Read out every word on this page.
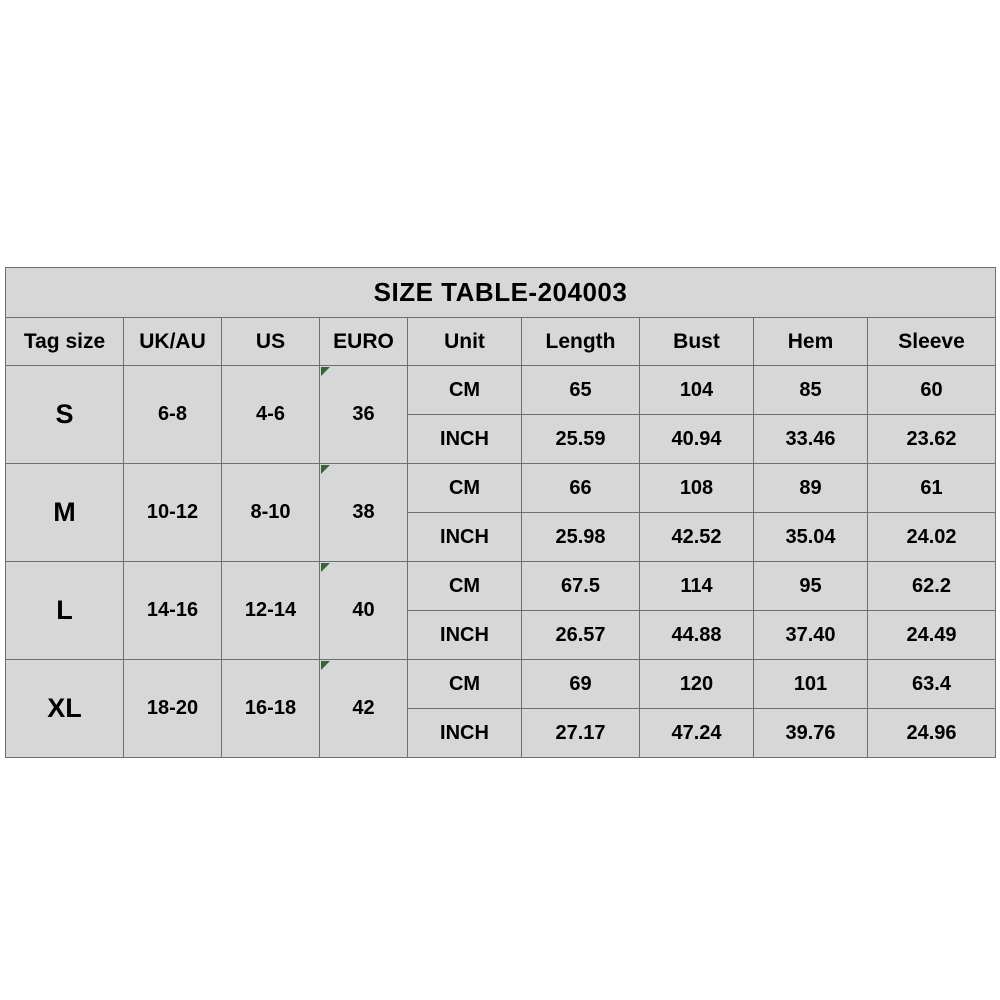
SIZE TABLE-204003								
Tag size	UK/AU	US	EURO	Unit	Length	Bust	Hem	Sleeve
S	6-8	4-6	36	CM	65	104	85	60
				INCH	25.59	40.94	33.46	23.62
M	10-12	8-10	38	CM	66	108	89	61
				INCH	25.98	42.52	35.04	24.02
L	14-16	12-14	40	CM	67.5	114	95	62.2
				INCH	26.57	44.88	37.40	24.49
XL	18-20	16-18	42	CM	69	120	101	63.4
				INCH	27.17	47.24	39.76	24.96
